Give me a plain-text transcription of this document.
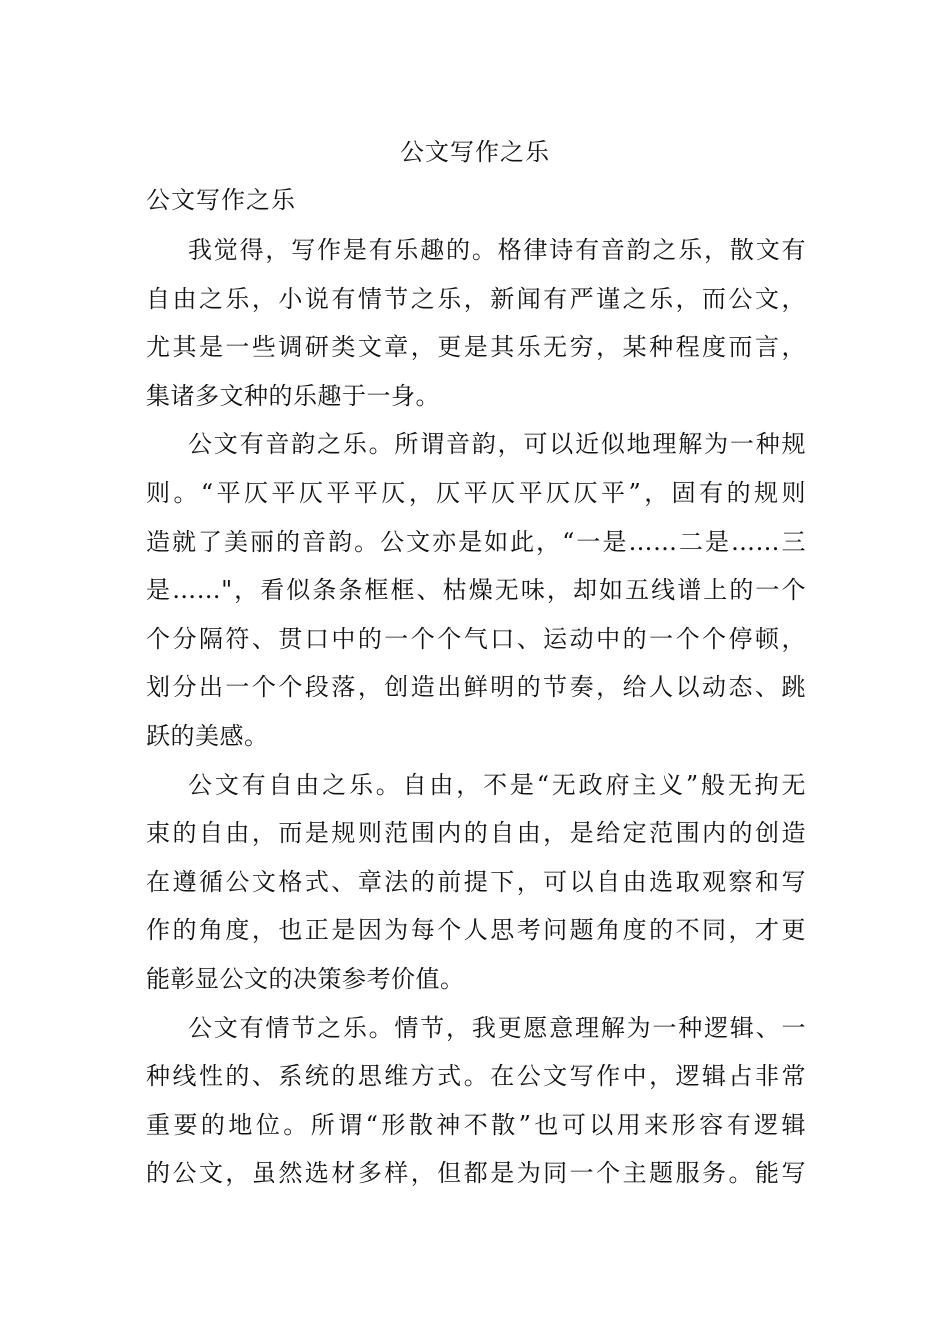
公文写作之乐
公文写作之乐
我觉得，写作是有乐趣的。格律诗有音韵之乐，散文有
自由之乐，小说有情节之乐，新闻有严谨之乐，而公文，
尤其是一些调研类文章，更是其乐无穷，某种程度而言，
集诸多文种的乐趣于一身。
公文有音韵之乐。所谓音韵，可以近似地理解为一种规
则。“平仄平仄平平仄，仄平仄平仄仄平”，固有的规则
造就了美丽的音韵。公文亦是如此，“一是……二是……三
是……"，看似条条框框、枯燥无味，却如五线谱上的一个
个分隔符、贯口中的一个个气口、运动中的一个个停顿，
划分出一个个段落，创造出鲜明的节奏，给人以动态、跳
跃的美感。
公文有自由之乐。自由，不是“无政府主义”般无拘无
束的自由，而是规则范围内的自由，是给定范围内的创造
在遵循公文格式、章法的前提下，可以自由选取观察和写
作的角度，也正是因为每个人思考问题角度的不同，才更
能彰显公文的决策参考价值。
公文有情节之乐。情节，我更愿意理解为一种逻辑、一
种线性的、系统的思维方式。在公文写作中，逻辑占非常
重要的地位。所谓“形散神不散”也可以用来形容有逻辑
的公文，虽然选材多样，但都是为同一个主题服务。能写
